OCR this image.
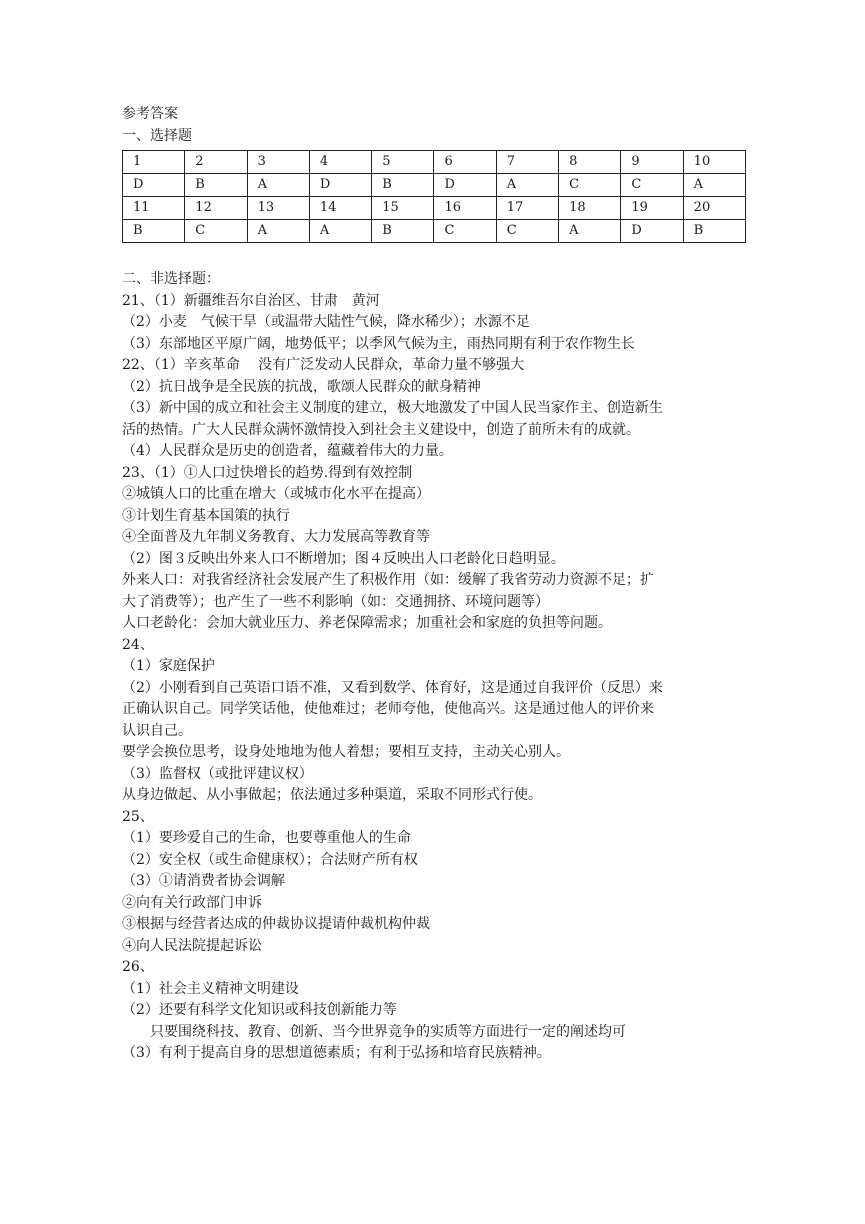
参考答案
一、选择题
1	2	3	4	5	6	7	8	9	10
D	B	A	D	B	D	A	C	C	A
11	12	13	14	15	16	17	18	19	20
B	C	A	A	B	C	C	A	D	B
二、非选择题：
21、（1）新疆维吾尔自治区、甘肃　黄河
（2）小麦　气候干旱（或温带大陆性气候，降水稀少）；水源不足
（3）东部地区平原广阔，地势低平；以季风气候为主，雨热同期有利于农作物生长
22、（1）辛亥革命　 没有广泛发动人民群众，革命力量不够强大
（2）抗日战争是全民族的抗战，歌颂人民群众的献身精神
（3）新中国的成立和社会主义制度的建立，极大地激发了中国人民当家作主、创造新生
活的热情。广大人民群众满怀激情投入到社会主义建设中，创造了前所未有的成就。
（4）人民群众是历史的创造者，蕴藏着伟大的力量。
23、（1）①人口过快增长的趋势.得到有效控制
②城镇人口的比重在增大（或城市化水平在提高）
③计划生育基本国策的执行
④全面普及九年制义务教育、大力发展高等教育等
（2）图３反映出外来人口不断增加；图４反映出人口老龄化日趋明显。
外来人口：对我省经济社会发展产生了积极作用（如：缓解了我省劳动力资源不足；扩
大了消费等）；也产生了一些不利影响（如：交通拥挤、环境问题等）
人口老龄化：会加大就业压力、养老保障需求；加重社会和家庭的负担等问题。
24、
（1）家庭保护
（2）小刚看到自己英语口语不准，又看到数学、体育好，这是通过自我评价（反思）来
正确认识自己。同学笑话他，使他难过；老师夸他，使他高兴。这是通过他人的评价来
认识自己。
要学会换位思考，设身处地地为他人着想；要相互支持，主动关心别人。
（3）监督权（或批评建议权）
从身边做起、从小事做起；依法通过多种渠道，采取不同形式行使。
25、
（1）要珍爱自己的生命，也要尊重他人的生命
（2）安全权（或生命健康权）；合法财产所有权
（3）①请消费者协会调解
②向有关行政部门申诉
③根据与经营者达成的仲裁协议提请仲裁机构仲裁
④向人民法院提起诉讼
26、
（1）社会主义精神文明建设
（2）还要有科学文化知识或科技创新能力等
　　只要围绕科技、教育、创新、当今世界竞争的实质等方面进行一定的阐述均可
（3）有利于提高自身的思想道德素质；有利于弘扬和培育民族精神。
